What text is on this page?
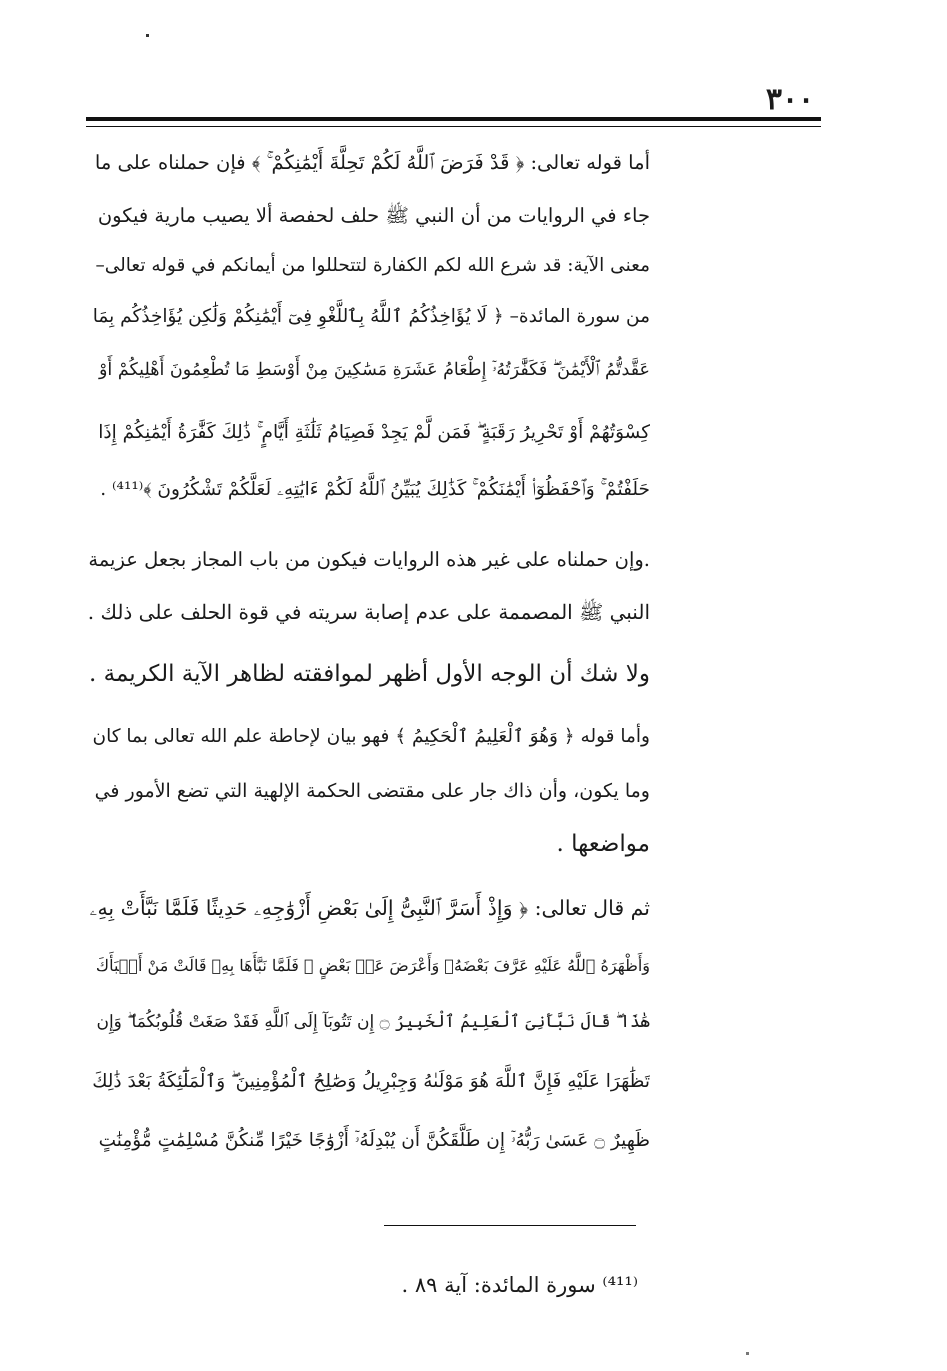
٣٠٠
أما قوله تعالى: ﴿ قَدْ فَرَضَ ٱللَّهُ لَكُمْ تَحِلَّةَ أَيْمَٰنِكُمْ ۚ ﴾ فإن حملناه على ما
جاء في الروايات من أن النبي ﷺ حلف لحفصة ألا يصيب مارية فيكون
معنى الآية: قد شرع الله لكم الكفارة لتتحللوا من أيمانكم في قوله تعالى–
من سورة المائدة– ﴿ لَا يُؤَاخِذُكُمُ ٱللَّهُ بِٱللَّغْوِ فِىٓ أَيْمَٰنِكُمْ وَلَٰكِن يُؤَاخِذُكُم بِمَا
عَقَّدتُّمُ ٱلْأَيْمَٰنَ ۖ فَكَفَّٰرَتُهُۥٓ إِطْعَامُ عَشَرَةِ مَسَٰكِينَ مِنْ أَوْسَطِ مَا تُطْعِمُونَ أَهْلِيكُمْ أَوْ
كِسْوَتُهُمْ أَوْ تَحْرِيرُ رَقَبَةٍ ۖ فَمَن لَّمْ يَجِدْ فَصِيَامُ ثَلَٰثَةِ أَيَّامٍ ۚ ذَٰلِكَ كَفَّٰرَةُ أَيْمَٰنِكُمْ إِذَا
حَلَفْتُمْ ۚ وَٱحْفَظُوٓا۟ أَيْمَٰنَكُمْ ۚ كَذَٰلِكَ يُبَيِّنُ ٱللَّهُ لَكُمْ ءَايَٰتِهِۦ لَعَلَّكُمْ تَشْكُرُونَ ﴾⁽⁴¹¹⁾ .
.وإن حملناه على غير هذه الروايات فيكون من باب المجاز بجعل عزيمة
النبي ﷺ المصممة على عدم إصابة سريته في قوة الحلف على ذلك .
ولا شك أن الوجه الأول أظهر لموافقته لظاهر الآية الكريمة .
وأما قوله ﴿ وَهُوَ ٱلْعَلِيمُ ٱلْحَكِيمُ ﴾ فهو بيان لإحاطة علم الله تعالى بما كان
وما يكون، وأن ذاك جار على مقتضى الحكمة الإلهية التي تضع الأمور في
مواضعها .
ثم قال تعالى: ﴿ وَإِذْ أَسَرَّ ٱلنَّبِىُّ إِلَىٰ بَعْضِ أَزْوَٰجِهِۦ حَدِيثًا فَلَمَّا نَبَّأَتْ بِهِۦ
وَأَظْهَرَهُ ٱللَّهُ عَلَيْهِ عَرَّفَ بَعْضَهُۥ وَأَعْرَضَ عَنۢ بَعْضٍ ۖ فَلَمَّا نَبَّأَهَا بِهِۦ قَالَتْ مَنْ أَنۢبَأَكَ
هَٰذَا ۖ قَالَ نَبَّأَنِىَ ٱلْعَلِيمُ ٱلْخَبِيرُ ۝ إِن تَتُوبَآ إِلَى ٱللَّهِ فَقَدْ صَغَتْ قُلُوبُكُمَا ۖ وَإِن
تَظَٰهَرَا عَلَيْهِ فَإِنَّ ٱللَّهَ هُوَ مَوْلَىٰهُ وَجِبْرِيلُ وَصَٰلِحُ ٱلْمُؤْمِنِينَ ۖ وَٱلْمَلَٰٓئِكَةُ بَعْدَ ذَٰلِكَ
ظَهِيرٌ ۝ عَسَىٰ رَبُّهُۥٓ إِن طَلَّقَكُنَّ أَن يُبْدِلَهُۥٓ أَزْوَٰجًا خَيْرًا مِّنكُنَّ مُسْلِمَٰتٍ مُّؤْمِنَٰتٍ
⁽⁴¹¹⁾ سورة المائدة: آية ٨٩ .
